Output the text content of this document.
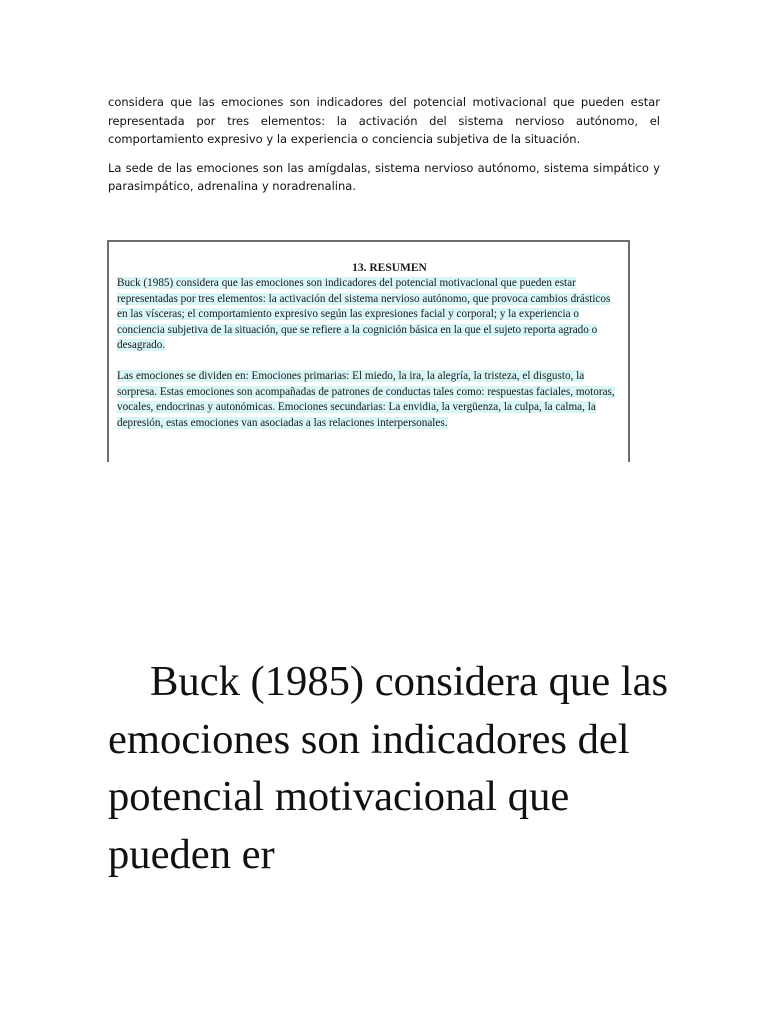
considera que las emociones son indicadores del potencial motivacional que pueden estar representada por tres elementos: la activación del sistema nervioso autónomo, el comportamiento expresivo y la experiencia o conciencia subjetiva de la situación.

La sede de las emociones son las amígdalas, sistema nervioso autónomo, sistema simpático y parasimpático, adrenalina y noradrenalina.

13. RESUMEN

Buck (1985) considera que las emociones son indicadores del potencial motivacional que pueden estar representadas por tres elementos: la activación del sistema nervioso autónomo, que provoca cambios drásticos en las vísceras; el comportamiento expresivo según las expresiones facial y corporal; y la experiencia o conciencia subjetiva de la situación, que se refiere a la cognición básica en la que el sujeto reporta agrado o desagrado.

Las emociones se dividen en: Emociones primarias: El miedo, la ira, la alegría, la tristeza, el disgusto, la sorpresa. Estas emociones son acompañadas de patrones de conductas tales como: respuestas faciales, motoras, vocales, endocrinas y autonómicas. Emociones secundarias: La envidia, la vergüenza, la culpa, la calma, la depresión, estas emociones van asociadas a las relaciones interpersonales.

Buck (1985) considera que las emociones son indicadores del potencial motivacional que pueden er
